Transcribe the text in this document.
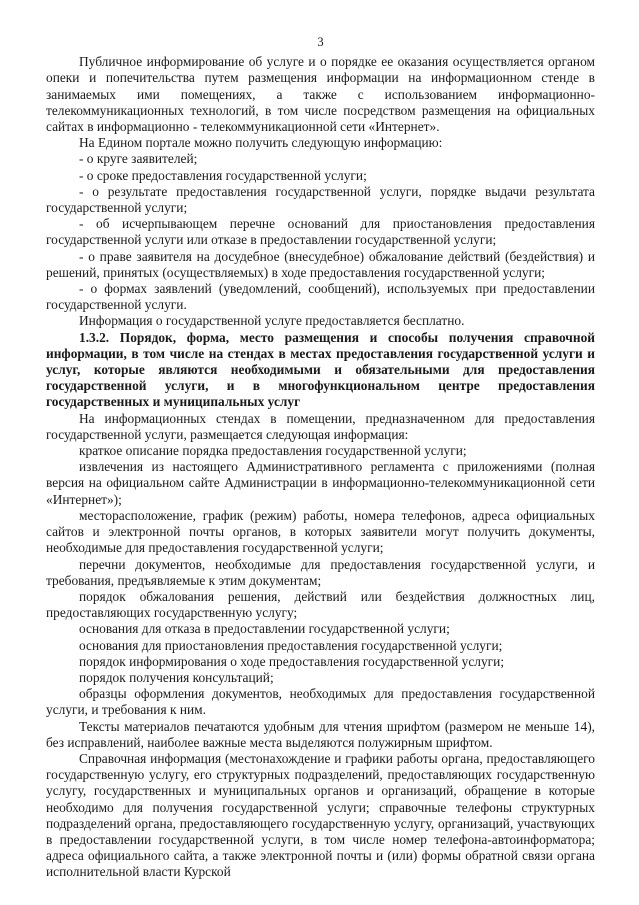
3

Публичное информирование об услуге и о порядке ее оказания осуществляется органом опеки и попечительства путем размещения информации на информационном стенде в занимаемых ими помещениях, а также с использованием информационно-телекоммуникационных технологий, в том числе посредством размещения на официальных сайтах в информационно - телекоммуникационной сети «Интернет».

На Едином портале можно получить следующую информацию:

- о круге заявителей;

- о сроке предоставления государственной услуги;

- о результате предоставления государственной услуги, порядке выдачи результата государственной услуги;

- об исчерпывающем перечне оснований для приостановления предоставления государственной услуги или отказе в предоставлении государственной услуги;

- о праве заявителя на досудебное (внесудебное) обжалование действий (бездействия) и решений, принятых (осуществляемых) в ходе предоставления государственной услуги;

- о формах заявлений (уведомлений, сообщений), используемых при предоставлении государственной услуги.

Информация о государственной услуге предоставляется бесплатно.

1.3.2. Порядок, форма, место размещения и способы получения справочной информации, в том числе на стендах в местах предоставления государственной услуги и услуг, которые являются необходимыми и обязательными для предоставления государственной услуги, и в многофункциональном центре предоставления государственных и муниципальных услуг

На информационных стендах в помещении, предназначенном для предоставления государственной услуги, размещается следующая информация:

краткое описание порядка предоставления государственной услуги;

извлечения из настоящего Административного регламента с приложениями (полная версия на официальном сайте Администрации в информационно-телекоммуникационной сети «Интернет»);

месторасположение, график (режим) работы, номера телефонов, адреса официальных сайтов и электронной почты органов, в которых заявители могут получить документы, необходимые для предоставления государственной услуги;

перечни документов, необходимые для предоставления государственной услуги, и требования, предъявляемые к этим документам;

порядок обжалования решения, действий или бездействия должностных лиц, предоставляющих государственную услугу;

основания для отказа в предоставлении государственной услуги;

основания для приостановления предоставления государственной услуги;

порядок информирования о ходе предоставления государственной услуги;

порядок получения консультаций;

образцы оформления документов, необходимых для предоставления государственной услуги, и требования к ним.

Тексты материалов печатаются удобным для чтения шрифтом (размером не меньше 14), без исправлений, наиболее важные места выделяются полужирным шрифтом.

Справочная информация (местонахождение и графики работы органа, предоставляющего государственную услугу, его структурных подразделений, предоставляющих государственную услугу, государственных и муниципальных органов и организаций, обращение в которые необходимо для получения государственной услуги; справочные телефоны структурных подразделений органа, предоставляющего государственную услугу, организаций, участвующих в предоставлении государственной услуги, в том числе номер телефона-автоинформатора; адреса официального сайта, а также электронной почты и (или) формы обратной связи органа исполнительной власти Курской
